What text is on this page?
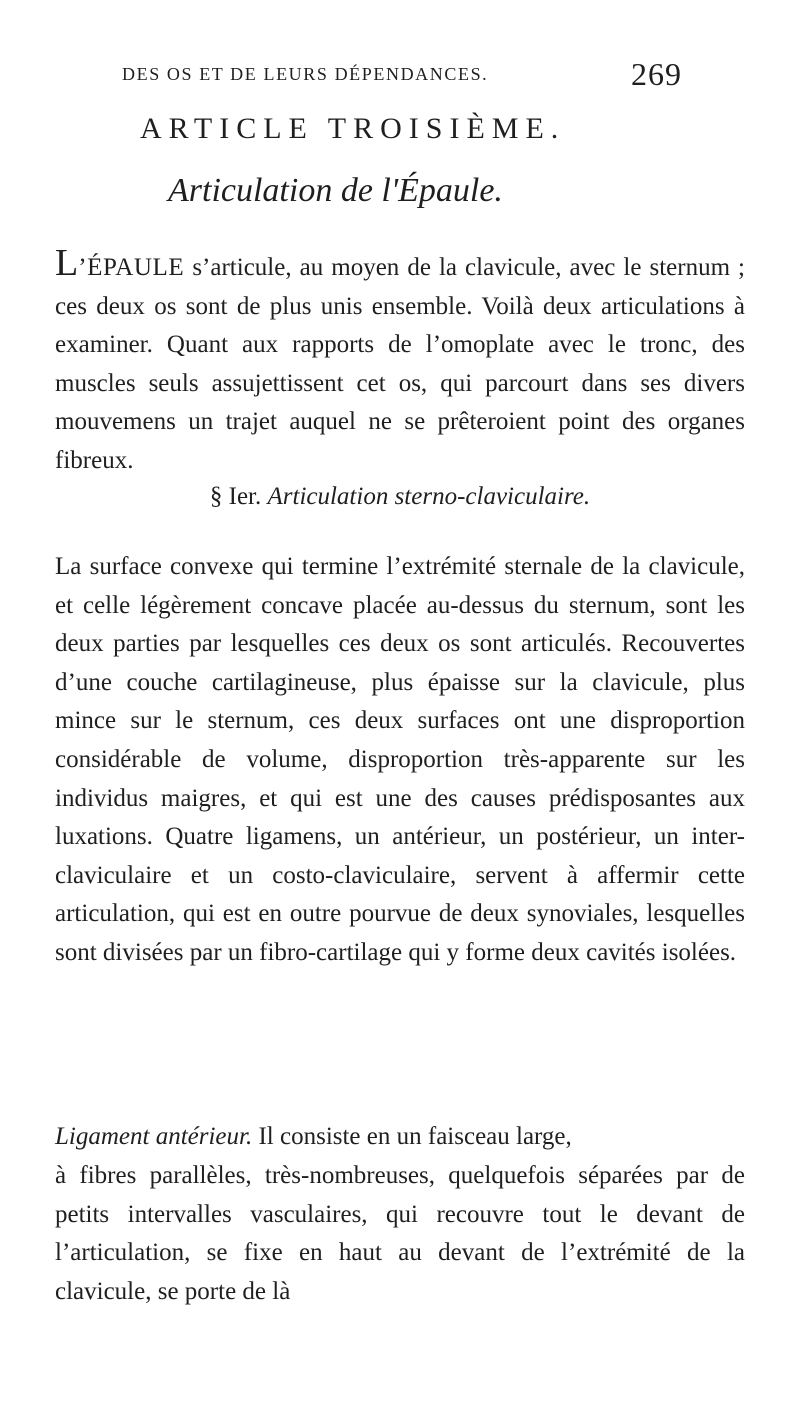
DES OS ET DE LEURS DÉPENDANCES.	269
ARTICLE TROISIÈME.
Articulation de l'Épaule.
L’ÉPAULE s’articule, au moyen de la clavicule, avec le sternum ; ces deux os sont de plus unis ensemble. Voilà deux articulations à examiner. Quant aux rapports de l’omoplate avec le tronc, des muscles seuls assujettissent cet os, qui parcourt dans ses divers mouvemens un trajet auquel ne se prêteroient point des organes fibreux.
§ Ier. Articulation sterno-claviculaire.
La surface convexe qui termine l’extrémité sternale de la clavicule, et celle légèrement concave placée au-dessus du sternum, sont les deux parties par lesquelles ces deux os sont articulés. Recouvertes d’une couche cartilagineuse, plus épaisse sur la clavicule, plus mince sur le sternum, ces deux surfaces ont une disproportion considérable de volume, disproportion très-apparente sur les individus maigres, et qui est une des causes prédisposantes aux luxations. Quatre ligamens, un antérieur, un postérieur, un inter-claviculaire et un costo-claviculaire, servent à affermir cette articulation, qui est en outre pourvue de deux synoviales, lesquelles sont divisées par un fibro-cartilage qui y forme deux cavités isolées.
Ligament antérieur. Il consiste en un faisceau large,
à fibres parallèles, très-nombreuses, quelquefois séparées par de petits intervalles vasculaires, qui recouvre tout le devant de l’articulation, se fixe en haut au devant de l’extrémité de la clavicule, se porte de là
